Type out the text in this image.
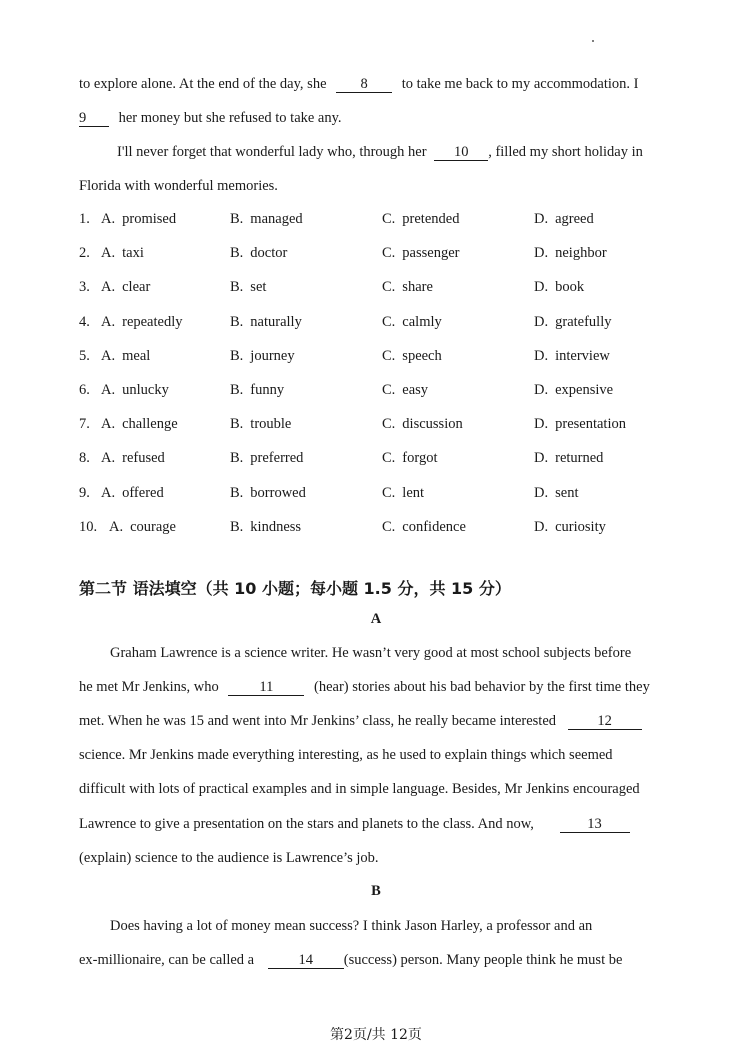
to explore alone. At the end of the day, she 8 to take me back to my accommodation. I
9 her money but she refused to take any.
I'll never forget that wonderful lady who, through her 10 , filled my short holiday in
Florida with wonderful memories.
1. A. promised	B. managed	C. pretended	D. agreed
2. A. taxi	B. doctor	C. passenger	D. neighbor
3. A. clear	B. set	C. share	D. book
4. A. repeatedly	B. naturally	C. calmly	D. gratefully
5. A. meal	B. journey	C. speech	D. interview
6. A. unlucky	B. funny	C. easy	D. expensive
7. A. challenge	B. trouble	C. discussion	D. presentation
8. A. refused	B. preferred	C. forgot	D. returned
9. A. offered	B. borrowed	C. lent	D. sent
10. A. courage	B. kindness	C. confidence	D. curiosity
第二节 语法填空（共 10 小题；每小题 1.5 分，共 15 分）
A
Graham Lawrence is a science writer. He wasn’t very good at most school subjects before
he met Mr Jenkins, who	11	(hear) stories about his bad behavior by the first time they
met. When he was 15 and went into Mr Jenkins’ class, he really became interested	12
science. Mr Jenkins made everything interesting, as he used to explain things which seemed
difficult with lots of practical examples and in simple language. Besides, Mr Jenkins encouraged
Lawrence to give a presentation on the stars and planets to the class. And now,	13
(explain) science to the audience is Lawrence’s job.
B
Does having a lot of money mean success? I think Jason Harley, a professor and an
ex-millionaire, can be called a	14 (success) person. Many people think he must be
第2页/共 12页
